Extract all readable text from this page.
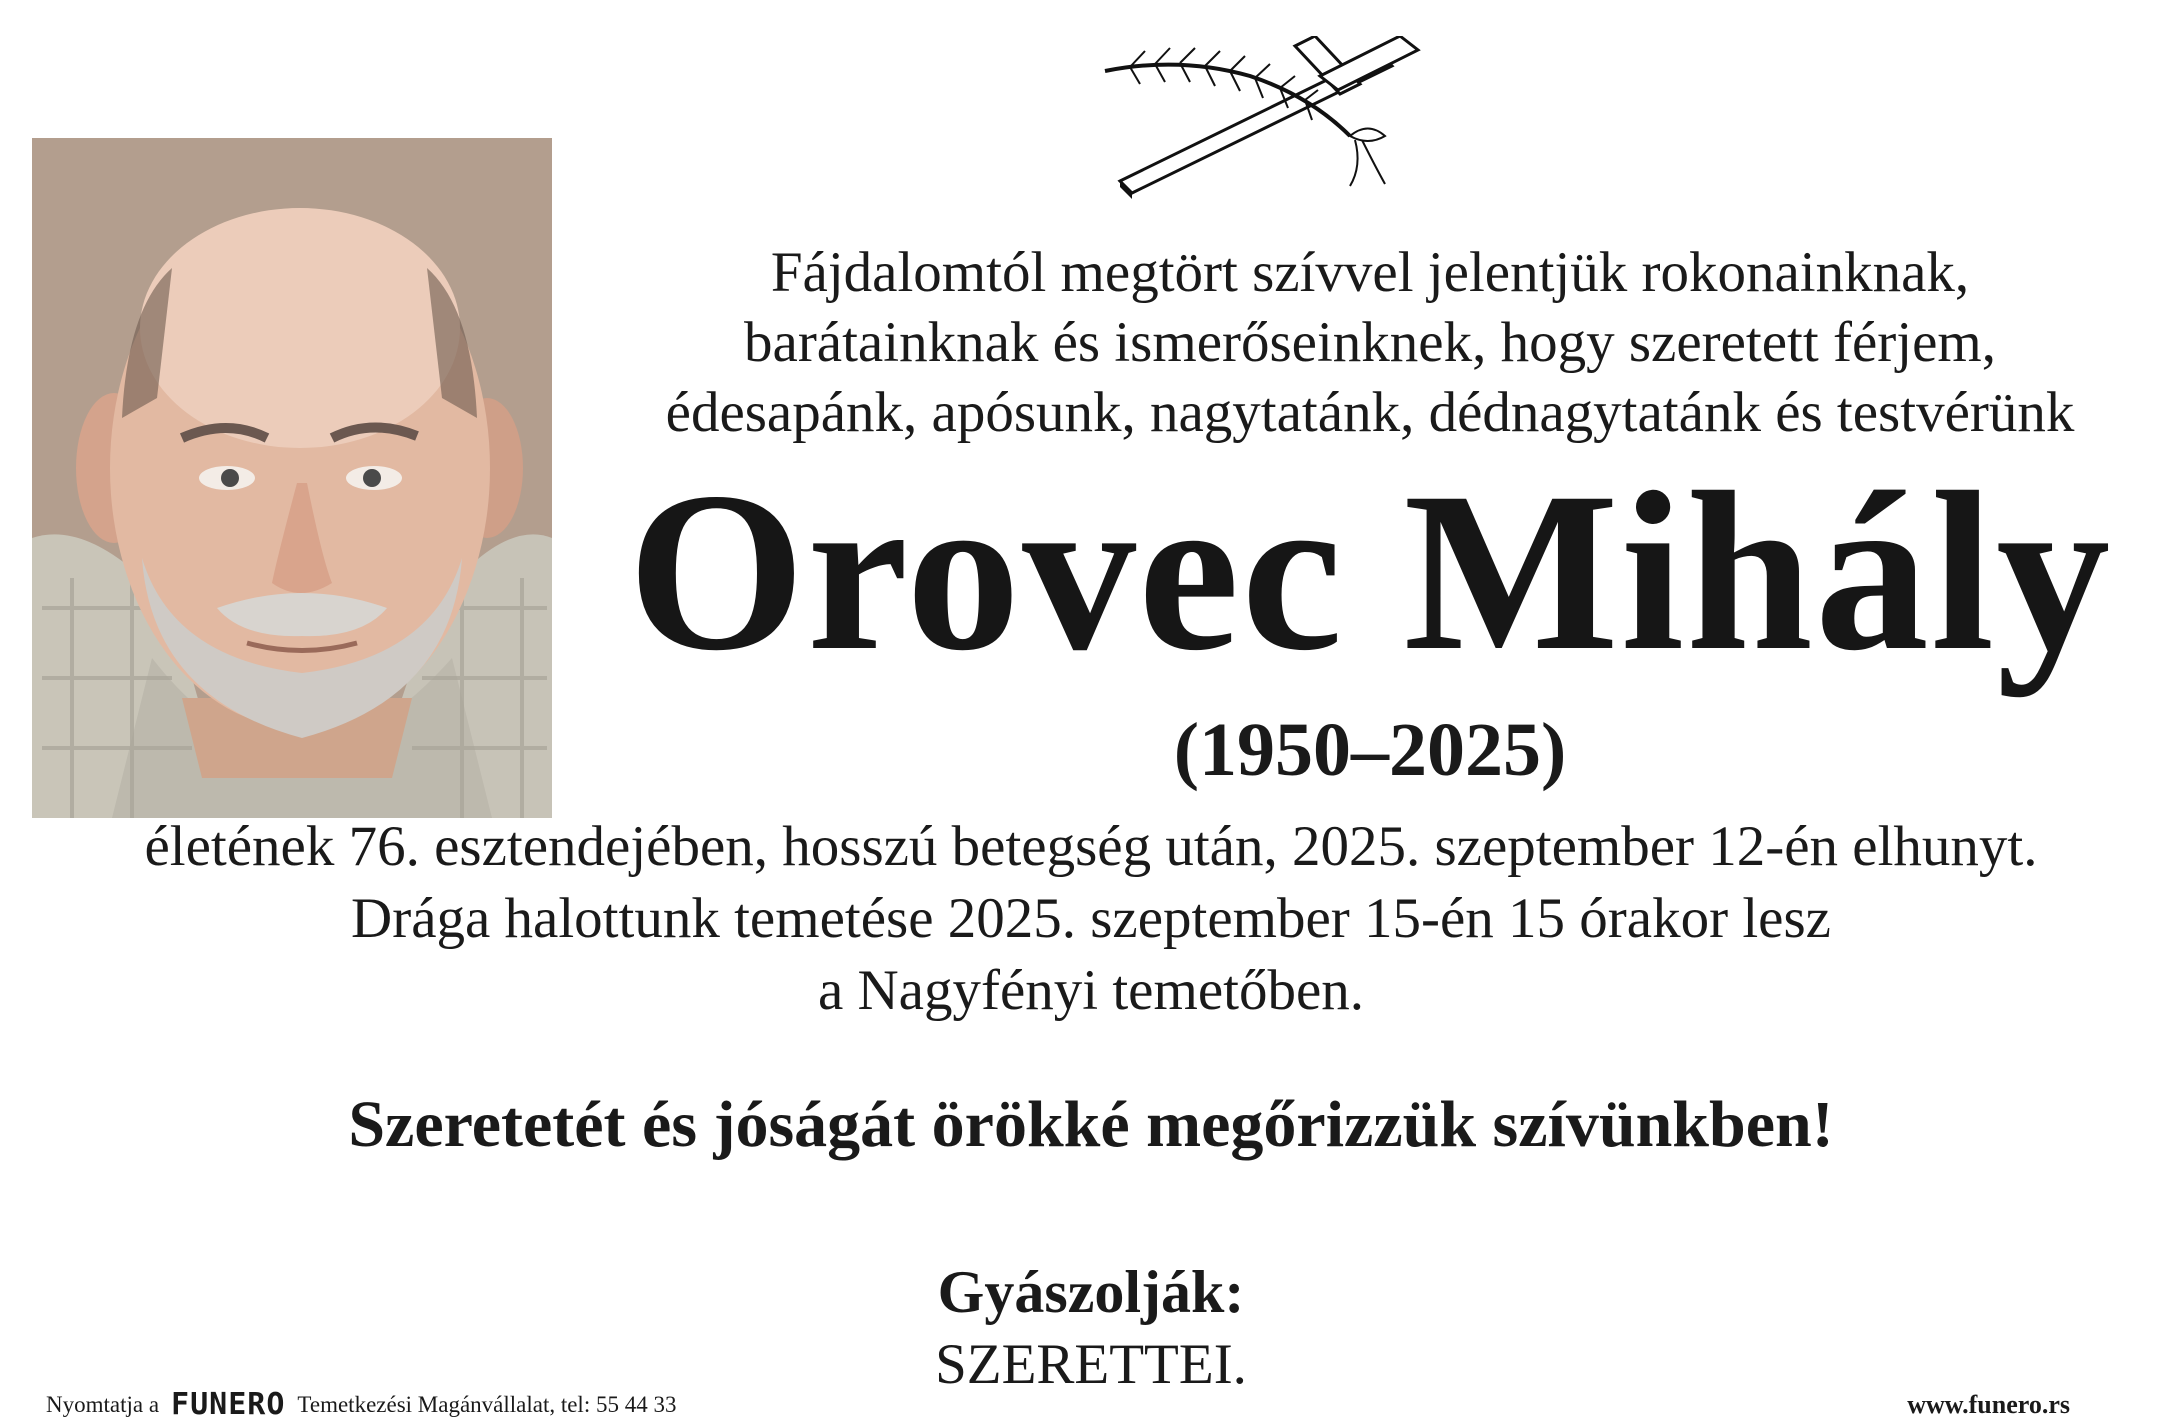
Fájdalomtól megtört szívvel jelentjük rokonainknak,
barátainknak és ismerőseinknek, hogy szeretett férjem,
édesapánk, apósunk, nagytatánk, dédnagytatánk és testvérünk
Orovec Mihály
(1950–2025)
életének 76. esztendejében, hosszú betegség után, 2025. szeptember 12-én elhunyt.
Drága halottunk temetése 2025. szeptember 15-én 15 órakor lesz
a Nagyfényi temetőben.
Szeretetét és jóságát örökké megőrizzük szívünkben!
Gyászolják:
SZERETTEI.
Nyomtatja a FUNERO Temetkezési Magánvállalat, tel: 55 44 33	www.funero.rs
